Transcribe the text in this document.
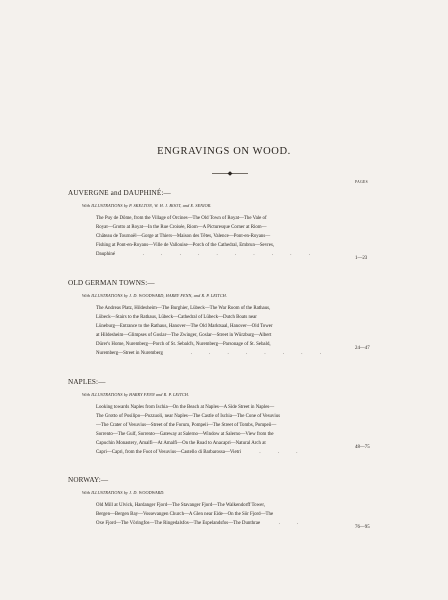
ENGRAVINGS ON WOOD.
PAGES
AUVERGNE and DAUPHINÉ:—
With ILLUSTRATIONS by P. SKELTON, W. H. J. BOOT, and E. SENIOR.
The Puy de Dôme, from the Village of Orcines—The Old Town of Royat—The Vale of
Royat—Grotto at Royat—In the Rue Croisée, Riom—A Picturesque Corner at Riom—
Château de Tournoël—Gorge at Thiers—Maison des Têtes, Valence—Pont-en-Royans—
Fishing at Pont-en-Royans—Ville de Vallouise—Porch of the Cathedral, Embrun—Sevres,
Dauphiné   . . . . . . . . . .
1—23
OLD GERMAN TOWNS:—
With ILLUSTRATIONS by J. D. WOODWARD, HARRY FENN, and R. P. LEITCH.
The Andreas Platz, Hildesheim—The Burghier, Lübeck—The War Room of the Rathaus,
Lübeck—Stairs to the Rathaus, Lübeck—Cathedral of Lübeck—Dutch Boats near
Lüneburg—Entrance to the Rathaus, Hanover—The Old Marktsaal, Hanover—Old Tower
at Hildesheim—Glimpses of Goslar—The Zwinger, Goslar—Street in Würzburg—Albert
Dürer's Home, Nuremberg—Porch of St. Sebald's, Nuremberg—Parsonage of St. Sebald,
Nuremberg—Street in Nuremberg   . . . . . . . .
24—47
NAPLES:—
With ILLUSTRATIONS by HARRY FENN and R. P. LEITCH.
Looking towards Naples from Ischia—On the Beach at Naples—A Side Street in Naples—
The Grotto of Posilipo—Pozzuoli, near Naples—The Castle of Ischia—The Cone of Vesuvius
—The Crater of Vesuvius—Street of the Forum, Pompeii—The Street of Tombs, Pompeii—
Sorrento—The Gulf, Sorrento—Gateway at Salerno—Window at Salerno—View from the
Capuchin Monastery, Amalfi—At Amalfi—On the Road to Anacapri—Natural Arch at
Capri—Capri, from the Foot of Vesuvius—Castello di Barbarossa—Vietri  . . .
48—75
NORWAY:—
With ILLUSTRATIONS by J. D. WOODWARD.
Old Mill at Ulvick, Hardanger Fjord—The Stavanger Fjord—The Walkendorff Tower,
Bergen—Bergen Bay—Vossevangen Church—A Glen near Eide—On the Sör Fjord—The
Oxe Fjord—The Vöringfos—The Ringedalsfos—The Espelandsfos—The Dunthrae  . .
76—95
